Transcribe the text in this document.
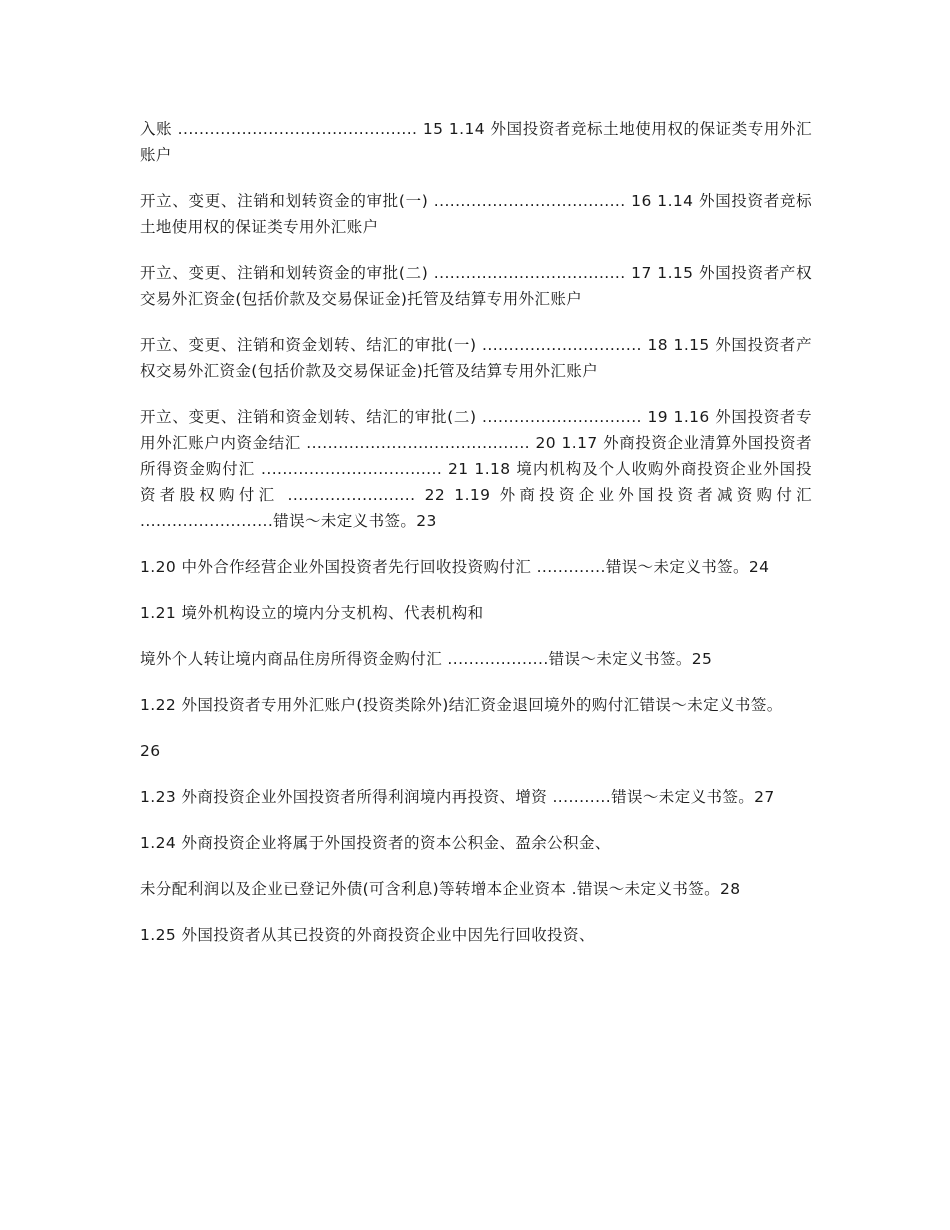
入账 ............................................. 15 1.14 外国投资者竞标土地使用权的保证类专用外汇账户

开立、变更、注销和划转资金的审批(一) .................................... 16 1.14 外国投资者竞标土地使用权的保证类专用外汇账户

开立、变更、注销和划转资金的审批(二) .................................... 17 1.15 外国投资者产权交易外汇资金(包括价款及交易保证金)托管及结算专用外汇账户

开立、变更、注销和资金划转、结汇的审批(一) .............................. 18 1.15 外国投资者产权交易外汇资金(包括价款及交易保证金)托管及结算专用外汇账户

开立、变更、注销和资金划转、结汇的审批(二) .............................. 19 1.16 外国投资者专用外汇账户内资金结汇 .......................................... 20 1.17 外商投资企业清算外国投资者所得资金购付汇 .................................. 21 1.18 境内机构及个人收购外商投资企业外国投资者股权购付汇 ........................ 22 1.19 外商投资企业外国投资者减资购付汇 .........................错误～未定义书签。23

1.20 中外合作经营企业外国投资者先行回收投资购付汇 .............错误～未定义书签。24

1.21 境外机构设立的境内分支机构、代表机构和

境外个人转让境内商品住房所得资金购付汇 ...................错误～未定义书签。25

1.22 外国投资者专用外汇账户(投资类除外)结汇资金退回境外的购付汇错误～未定义书签。

26

1.23 外商投资企业外国投资者所得利润境内再投资、增资 ...........错误～未定义书签。27

1.24 外商投资企业将属于外国投资者的资本公积金、盈余公积金、

未分配利润以及企业已登记外债(可含利息)等转增本企业资本 .错误～未定义书签。28

1.25 外国投资者从其已投资的外商投资企业中因先行回收投资、
